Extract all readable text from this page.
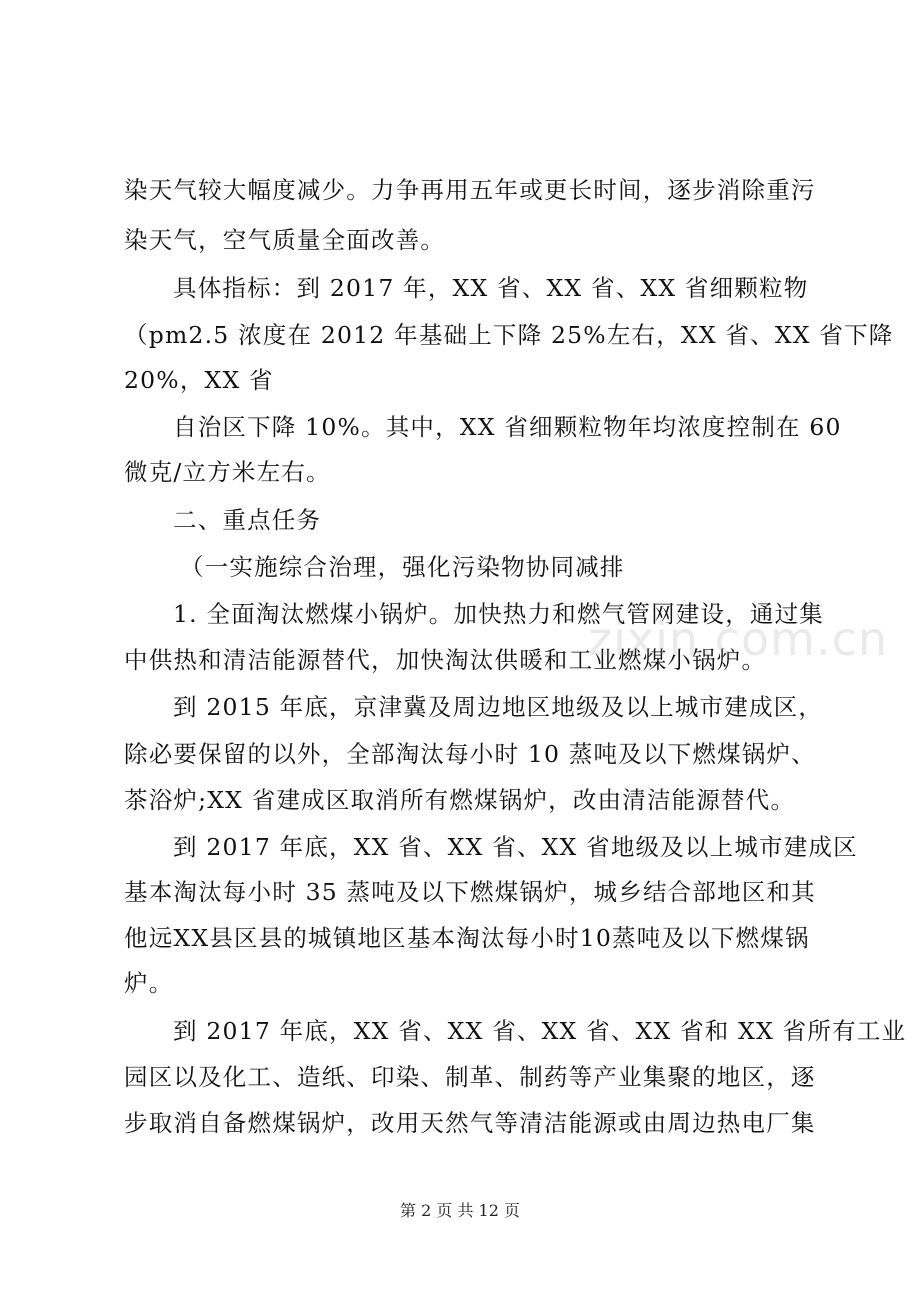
染天气较大幅度减少。力争再用五年或更长时间，逐步消除重污
染天气，空气质量全面改善。
具体指标：到 2017 年，XX 省、XX 省、XX 省细颗粒物
（pm2.5 浓度在 2012 年基础上下降 25%左右，XX 省、XX 省下降
20%，XX 省
自治区下降 10%。其中，XX 省细颗粒物年均浓度控制在 60
微克/立方米左右。
二、重点任务
（一实施综合治理，强化污染物协同减排
1. 全面淘汰燃煤小锅炉。加快热力和燃气管网建设，通过集
中供热和清洁能源替代，加快淘汰供暖和工业燃煤小锅炉。
到 2015 年底，京津冀及周边地区地级及以上城市建成区，
除必要保留的以外，全部淘汰每小时 10 蒸吨及以下燃煤锅炉、
茶浴炉;XX 省建成区取消所有燃煤锅炉，改由清洁能源替代。
到 2017 年底，XX 省、XX 省、XX 省地级及以上城市建成区
基本淘汰每小时 35 蒸吨及以下燃煤锅炉，城乡结合部地区和其
他远XX县区县的城镇地区基本淘汰每小时10蒸吨及以下燃煤锅
炉。
到 2017 年底，XX 省、XX 省、XX 省、XX 省和 XX 省所有工业
园区以及化工、造纸、印染、制革、制药等产业集聚的地区，逐
步取消自备燃煤锅炉，改用天然气等清洁能源或由周边热电厂集
zixin.com.cn
第 2 页 共 12 页
